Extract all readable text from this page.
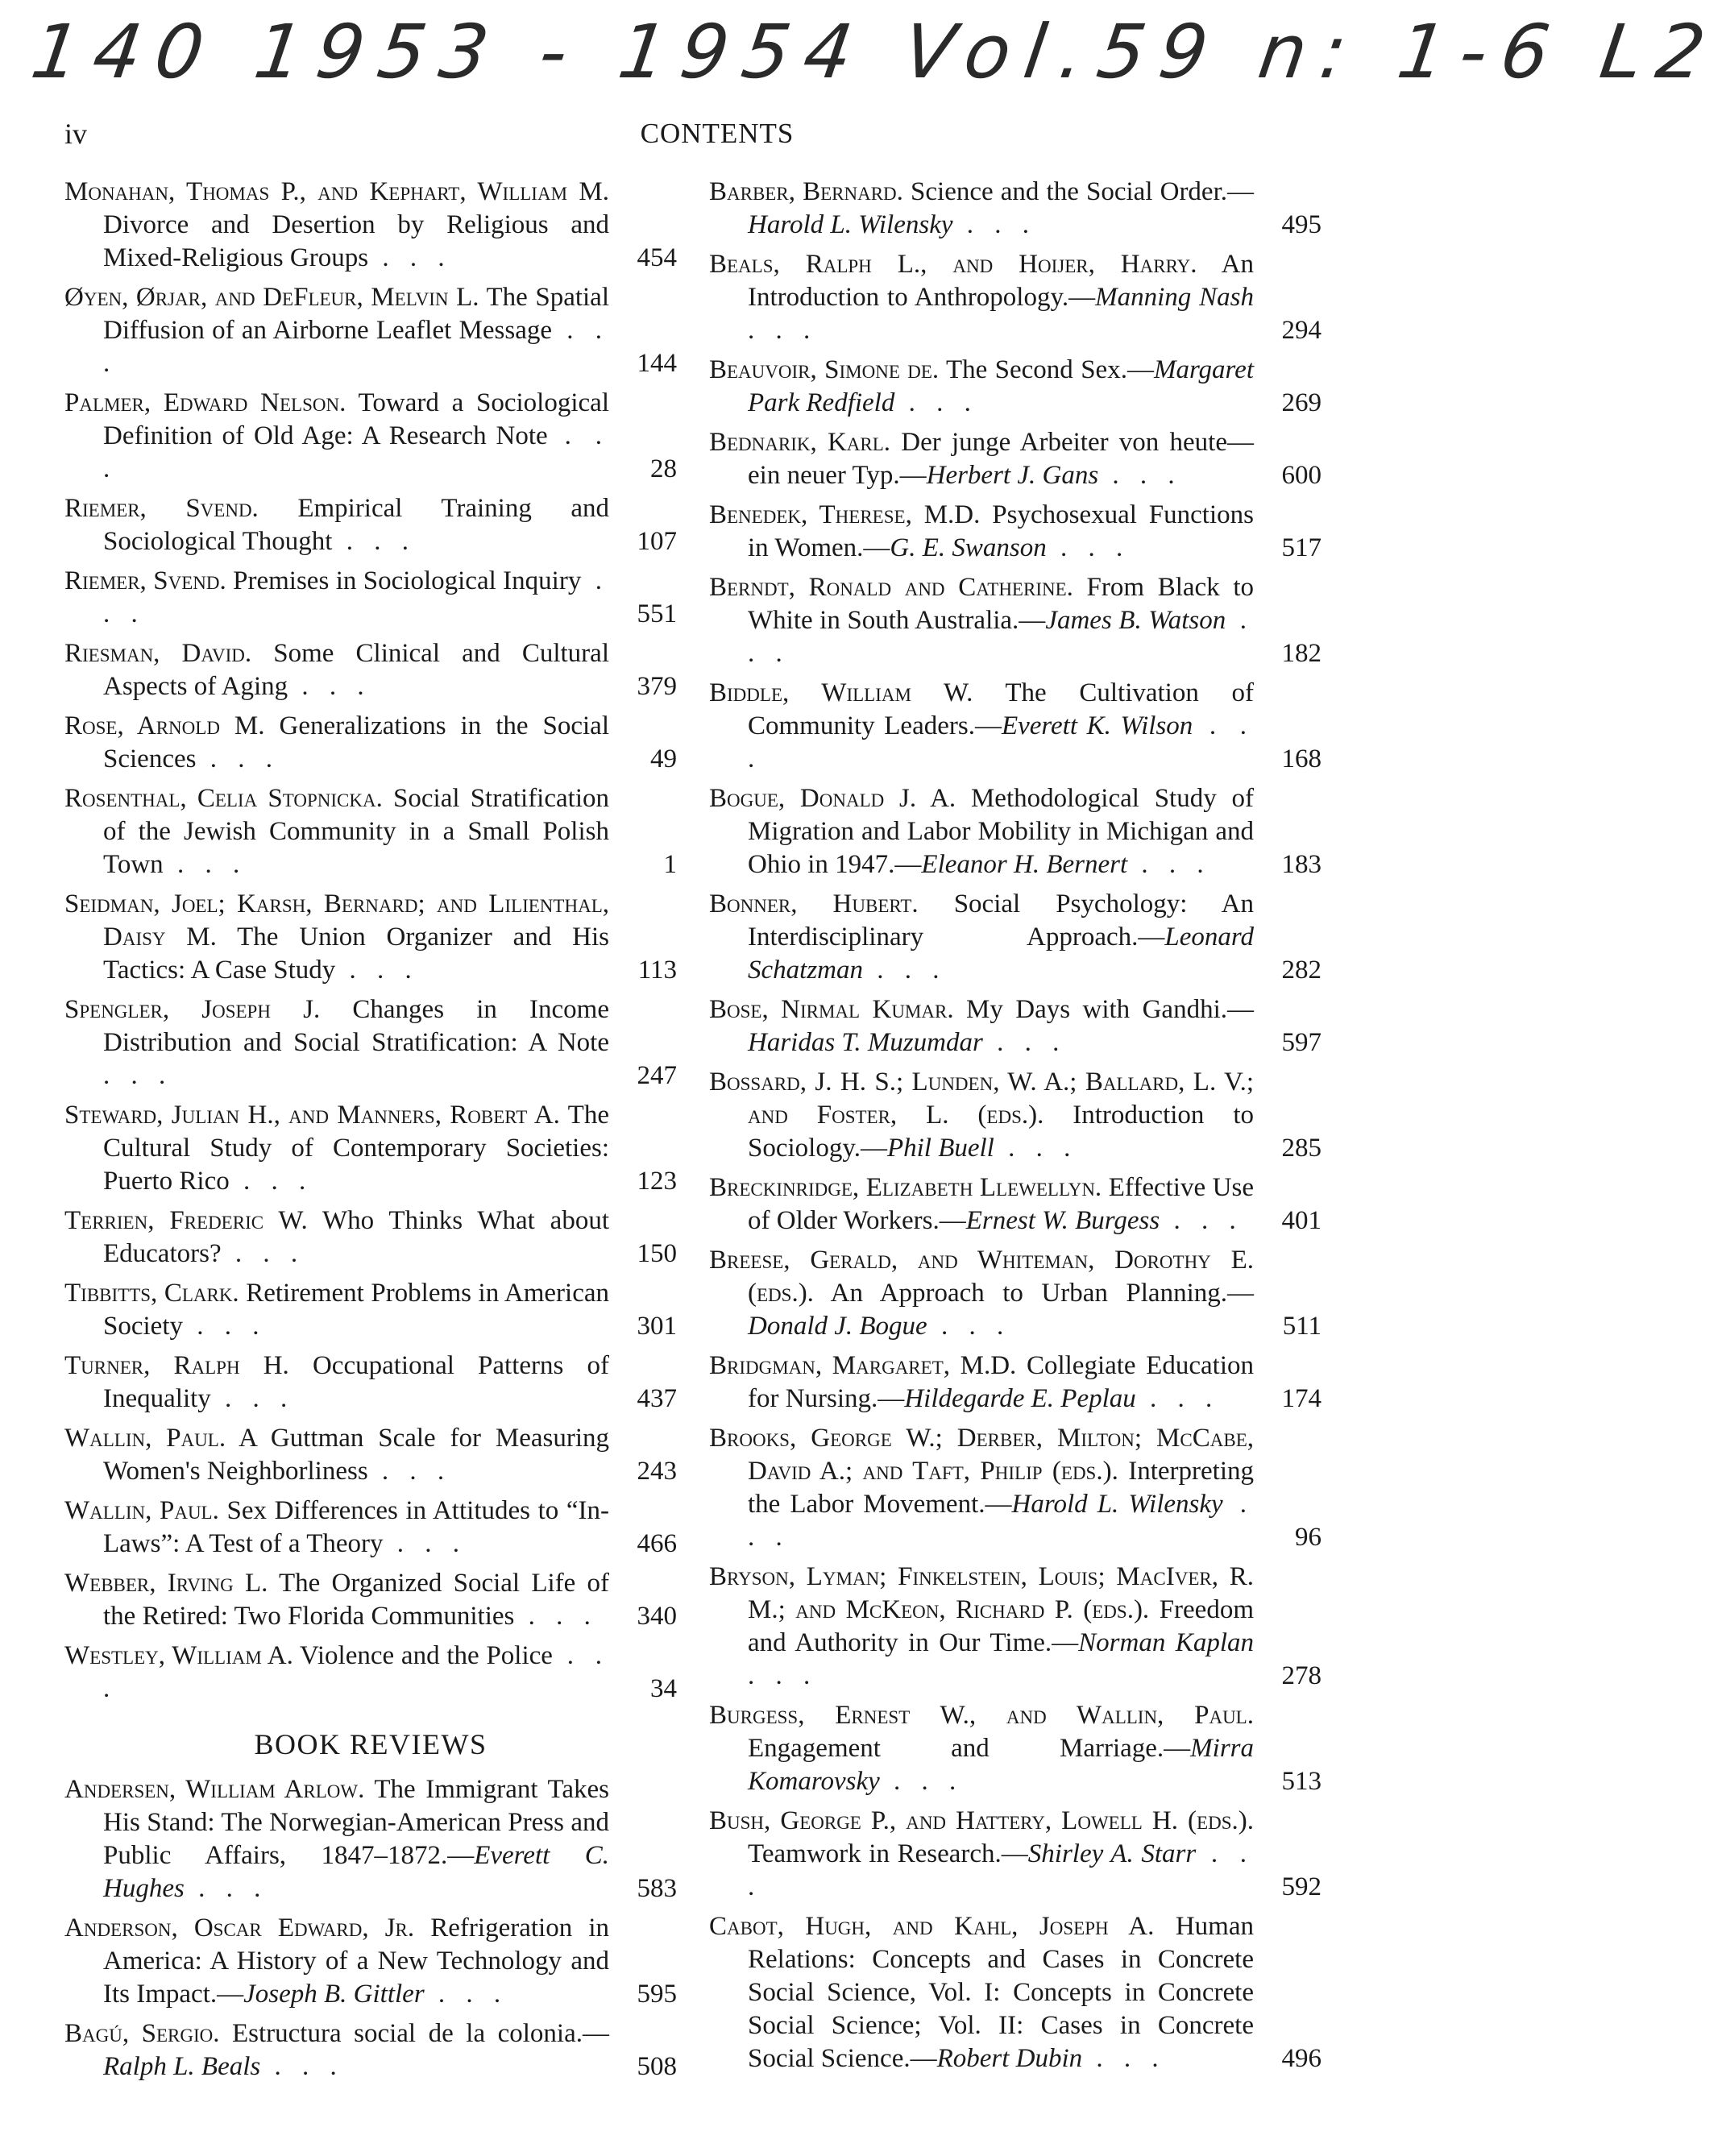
140 1953 - 1954 Vol.59 n: 1-6 L2
iv	CONTENTS
Monahan, Thomas P., and Kephart, William M. Divorce and Desertion by Religious and Mixed-Religious Groups . . .	454
Øyen, Ørjar, and DeFleur, Melvin L. The Spatial Diffusion of an Airborne Leaflet Message . . .	144
Palmer, Edward Nelson. Toward a Sociological Definition of Old Age: A Research Note . . .	28
Riemer, Svend. Empirical Training and Sociological Thought . . .	107
Riemer, Svend. Premises in Sociological Inquiry . . .	551
Riesman, David. Some Clinical and Cultural Aspects of Aging . . .	379
Rose, Arnold M. Generalizations in the Social Sciences . . .	49
Rosenthal, Celia Stopnicka. Social Stratification of the Jewish Community in a Small Polish Town . . .	1
Seidman, Joel; Karsh, Bernard; and Lilienthal, Daisy M. The Union Organizer and His Tactics: A Case Study . . .	113
Spengler, Joseph J. Changes in Income Distribution and Social Stratification: A Note . . .	247
Steward, Julian H., and Manners, Robert A. The Cultural Study of Contemporary Societies: Puerto Rico . . .	123
Terrien, Frederic W. Who Thinks What about Educators? . . .	150
Tibbitts, Clark. Retirement Problems in American Society . . .	301
Turner, Ralph H. Occupational Patterns of Inequality . . .	437
Wallin, Paul. A Guttman Scale for Measuring Women's Neighborliness . . .	243
Wallin, Paul. Sex Differences in Attitudes to “In-Laws”: A Test of a Theory . . .	466
Webber, Irving L. The Organized Social Life of the Retired: Two Florida Communities . . .	340
Westley, William A. Violence and the Police . . .	34
BOOK REVIEWS
Andersen, William Arlow. The Immigrant Takes His Stand: The Norwegian-American Press and Public Affairs, 1847–1872.—Everett C. Hughes . . .	583
Anderson, Oscar Edward, Jr. Refrigeration in America: A History of a New Technology and Its Impact.—Joseph B. Gittler . . .	595
Bagú, Sergio. Estructura social de la colonia.—Ralph L. Beals . . .	508
Barber, Bernard. Science and the Social Order.—Harold L. Wilensky . . .	495
Beals, Ralph L., and Hoijer, Harry. An Introduction to Anthropology.—Manning Nash . . .	294
Beauvoir, Simone de. The Second Sex.—Margaret Park Redfield . . .	269
Bednarik, Karl. Der junge Arbeiter von heute—ein neuer Typ.—Herbert J. Gans . . .	600
Benedek, Therese, M.D. Psychosexual Functions in Women.—G. E. Swanson . . .	517
Berndt, Ronald and Catherine. From Black to White in South Australia.—James B. Watson . . .	182
Biddle, William W. The Cultivation of Community Leaders.—Everett K. Wilson . . .	168
Bogue, Donald J. A. Methodological Study of Migration and Labor Mobility in Michigan and Ohio in 1947.—Eleanor H. Bernert . . .	183
Bonner, Hubert. Social Psychology: An Interdisciplinary Approach.—Leonard Schatzman . . .	282
Bose, Nirmal Kumar. My Days with Gandhi.—Haridas T. Muzumdar . . .	597
Bossard, J. H. S.; Lunden, W. A.; Ballard, L. V.; and Foster, L. (eds.). Introduction to Sociology.—Phil Buell . . .	285
Breckinridge, Elizabeth Llewellyn. Effective Use of Older Workers.—Ernest W. Burgess . . .	401
Breese, Gerald, and Whiteman, Dorothy E. (eds.). An Approach to Urban Planning.—Donald J. Bogue . . .	511
Bridgman, Margaret, M.D. Collegiate Education for Nursing.—Hildegarde E. Peplau . . .	174
Brooks, George W.; Derber, Milton; McCabe, David A.; and Taft, Philip (eds.). Interpreting the Labor Movement.—Harold L. Wilensky . . .	96
Bryson, Lyman; Finkelstein, Louis; MacIver, R. M.; and McKeon, Richard P. (eds.). Freedom and Authority in Our Time.—Norman Kaplan . . .	278
Burgess, Ernest W., and Wallin, Paul. Engagement and Marriage.—Mirra Komarovsky . . .	513
Bush, George P., and Hattery, Lowell H. (eds.). Teamwork in Research.—Shirley A. Starr . . .	592
Cabot, Hugh, and Kahl, Joseph A. Human Relations: Concepts and Cases in Concrete Social Science, Vol. I: Concepts in Concrete Social Science; Vol. II: Cases in Concrete Social Science.—Robert Dubin . . .	496
